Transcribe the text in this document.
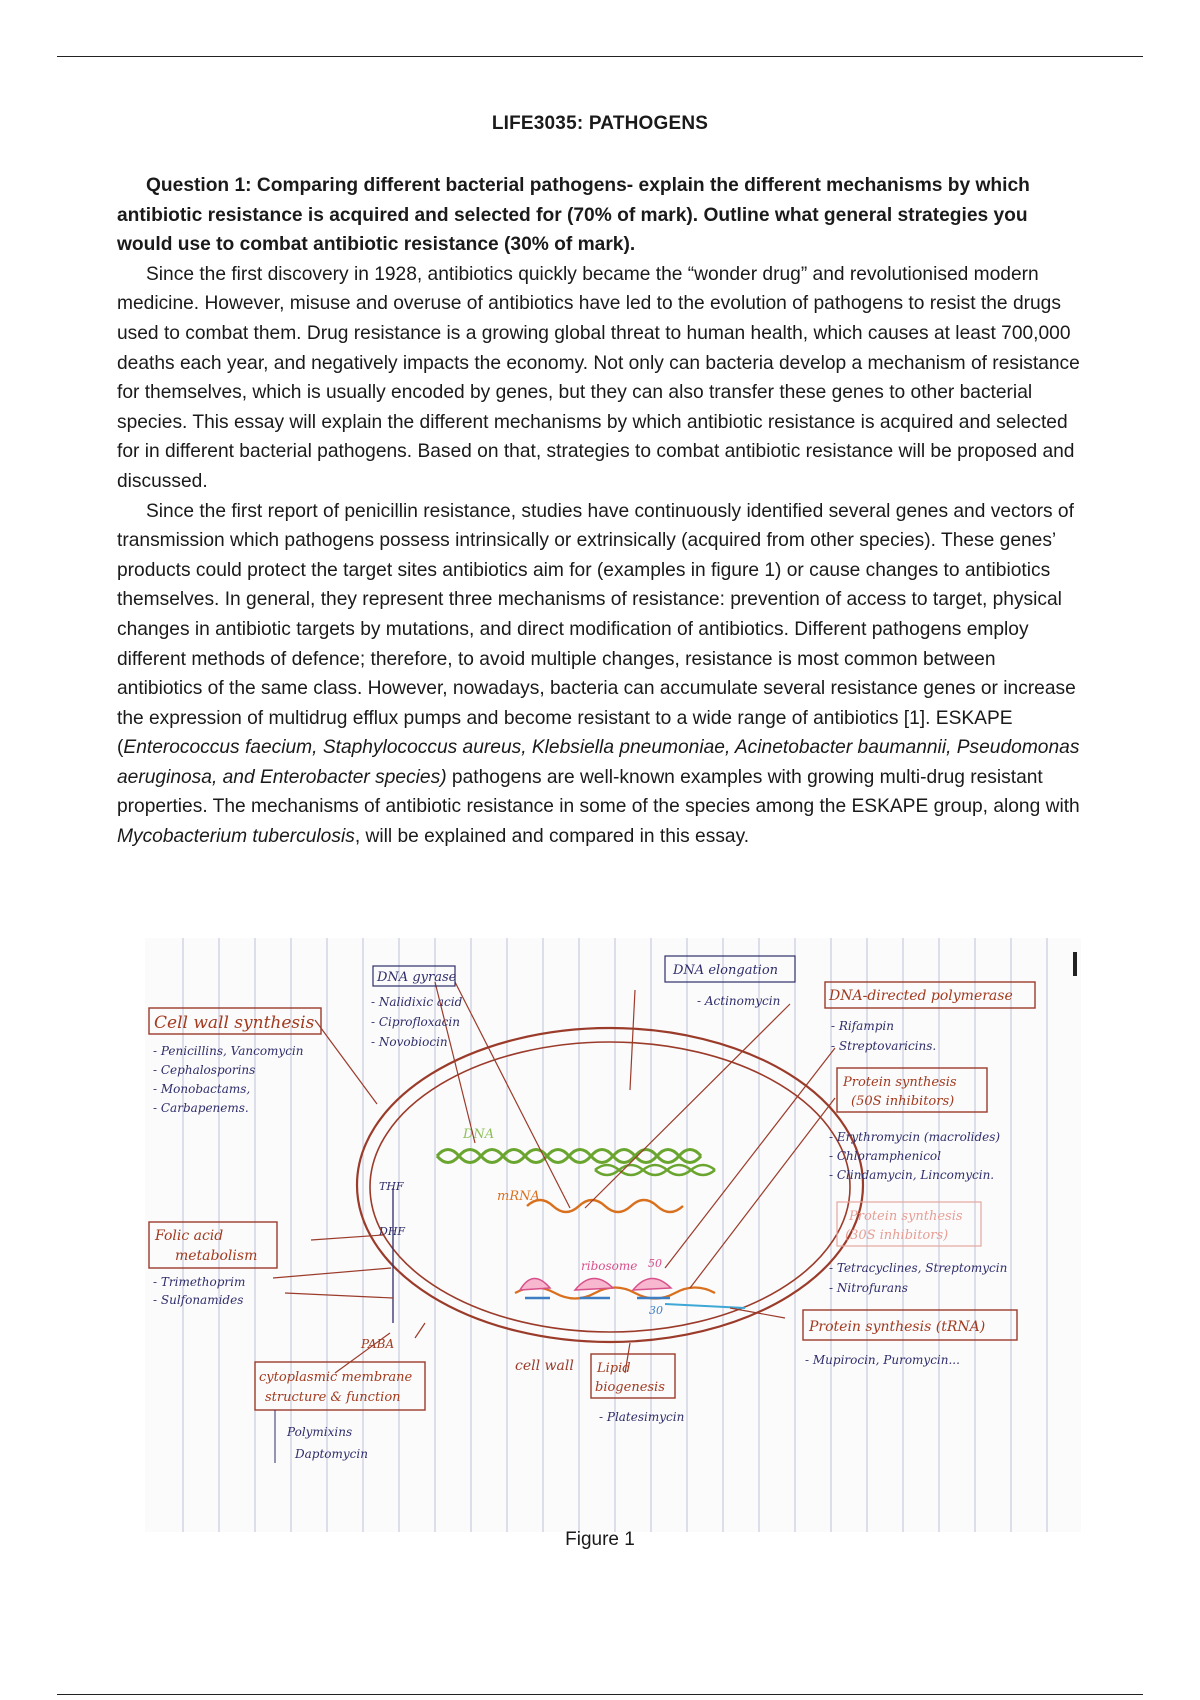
LIFE3035: PATHOGENS

Question 1: Comparing different bacterial pathogens- explain the different mechanisms by which antibiotic resistance is acquired and selected for (70% of mark). Outline what general strategies you would use to combat antibiotic resistance (30% of mark).

Since the first discovery in 1928, antibiotics quickly became the “wonder drug” and revolutionised modern medicine. However, misuse and overuse of antibiotics have led to the evolution of pathogens to resist the drugs used to combat them. Drug resistance is a growing global threat to human health, which causes at least 700,000 deaths each year, and negatively impacts the economy. Not only can bacteria develop a mechanism of resistance for themselves, which is usually encoded by genes, but they can also transfer these genes to other bacterial species. This essay will explain the different mechanisms by which antibiotic resistance is acquired and selected for in different bacterial pathogens. Based on that, strategies to combat antibiotic resistance will be proposed and discussed.

Since the first report of penicillin resistance, studies have continuously identified several genes and vectors of transmission which pathogens possess intrinsically or extrinsically (acquired from other species). These genes’ products could protect the target sites antibiotics aim for (examples in figure 1) or cause changes to antibiotics themselves. In general, they represent three mechanisms of resistance: prevention of access to target, physical changes in antibiotic targets by mutations, and direct modification of antibiotics. Different pathogens employ different methods of defence; therefore, to avoid multiple changes, resistance is most common between antibiotics of the same class. However, nowadays, bacteria can accumulate several resistance genes or increase the expression of multidrug efflux pumps and become resistant to a wide range of antibiotics [1]. ESKAPE (Enterococcus faecium, Staphylococcus aureus, Klebsiella pneumoniae, Acinetobacter baumannii, Pseudomonas aeruginosa, and Enterobacter species) pathogens are well-known examples with growing multi-drug resistant properties. The mechanisms of antibiotic resistance in some of the species among the ESKAPE group, along with Mycobacterium tuberculosis, will be explained and compared in this essay.

DNA
mRNA
ribosome 50
30
THF
DHF
PABA
Cell wall synthesis
- Penicillins, Vancomycin
- Cephalosporins
- Monobactams,
- Carbapenems.
DNA gyrase
- Nalidixic acid
- Ciprofloxacin
- Novobiocin
DNA elongation
- Actinomycin	DNA-directed polymerase
- Rifampin
- Streptovaricins.
Protein synthesis
(50S inhibitors)
- Erythromycin (macrolides)
- Chloramphenicol
- Clindamycin, Lincomycin.
Protein synthesis
(30S inhibitors)
- Tetracyclines, Streptomycin
- Nitrofurans
Protein synthesis (tRNA)
- Mupirocin, Puromycin...
Folic acid
metabolism
- Trimethoprim
- Sulfonamides
cytoplasmic membrane
structure & function
Polymixins
Daptomycin
cell wall Lipid
biogenesis
- Platesimycin
Figure 1
